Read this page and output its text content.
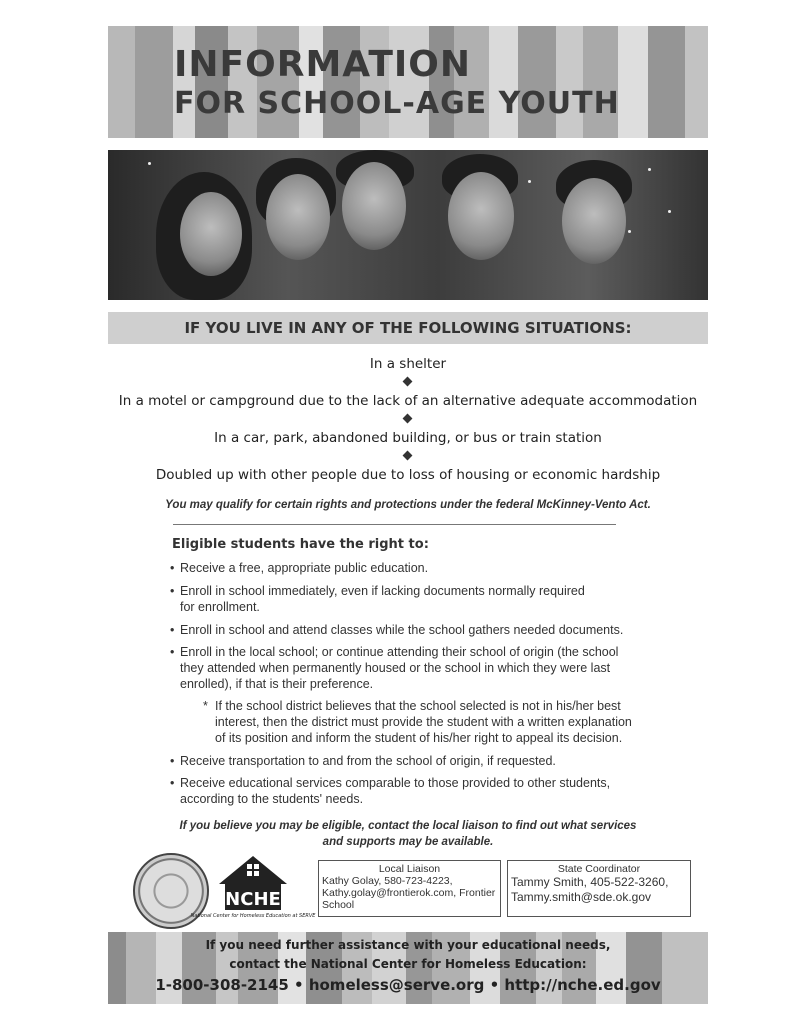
INFORMATION
FOR SCHOOL-AGE YOUTH
IF YOU LIVE IN ANY OF THE FOLLOWING SITUATIONS:
In a shelter
In a motel or campground due to the lack of an alternative adequate accommodation
In a car, park, abandoned building, or bus or train station
Doubled up with other people due to loss of housing or economic hardship
You may qualify for certain rights and protections under the federal McKinney-Vento Act.
Eligible students have the right to:
• Receive a free, appropriate public education.
• Enroll in school immediately, even if lacking documents normally required
for enrollment.
• Enroll in school and attend classes while the school gathers needed documents.
• Enroll in the local school; or continue attending their school of origin (the school
they attended when permanently housed or the school in which they were last
enrolled), if that is their preference.
* If the school district believes that the school selected is not in his/her best
interest, then the district must provide the student with a written explanation
of its position and inform the student of his/her right to appeal its decision.
• Receive transportation to and from the school of origin, if requested.
• Receive educational services comparable to those provided to other students,
according to the students' needs.
If you believe you may be eligible, contact the local liaison to find out what services
and supports may be available.
NCHE
National Center for Homeless Education at SERVE
Local Liaison
Kathy Golay, 580-723-4223,
Kathy.golay@frontierok.com, Frontier
School
State Coordinator
Tammy Smith, 405-522-3260,
Tammy.smith@sde.ok.gov
If you need further assistance with your educational needs,
contact the National Center for Homeless Education:
1-800-308-2145 • homeless@serve.org • http://nche.ed.gov
